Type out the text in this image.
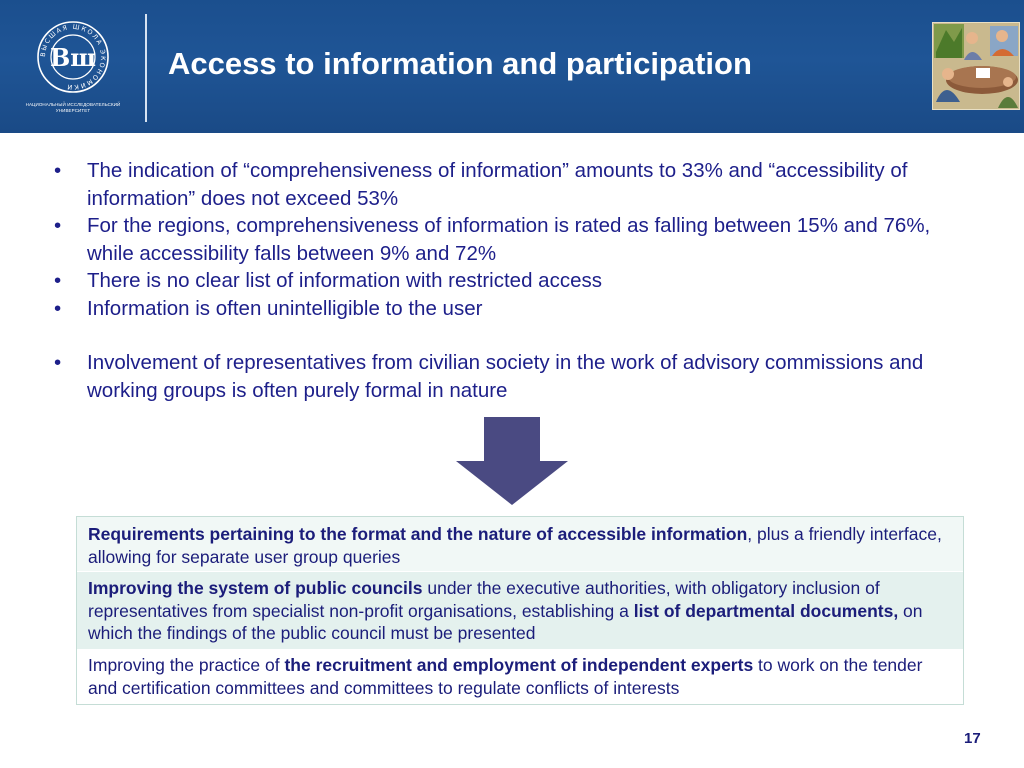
ВЫСШАЯ ШКОЛА ЭКОНОМИКИ
Вш
НАЦИОНАЛЬНЫЙ ИССЛЕДОВАТЕЛЬСКИЙ
УНИВЕРСИТЕТ
Access to information and participation
• The indication of “comprehensiveness of information” amounts to 33% and “accessibility of information” does not exceed 53%
• For the regions, comprehensiveness of information is rated as falling between 15% and 76%, while accessibility falls between 9% and 72%
• There is no clear list of information with restricted access
• Information is often unintelligible to the user
• Involvement of representatives from civilian society in the work of advisory commissions and working groups is often purely formal in nature
Requirements pertaining to the format and the nature of accessible information, plus a friendly interface, allowing for separate user group queries
Improving the system of public councils under the executive authorities, with obligatory inclusion of representatives from specialist non-profit organisations, establishing a list of departmental documents, on which the findings of the public council must be presented
Improving the practice of the recruitment and employment of independent experts to work on the tender and certification committees and committees to regulate conflicts of interests
17
